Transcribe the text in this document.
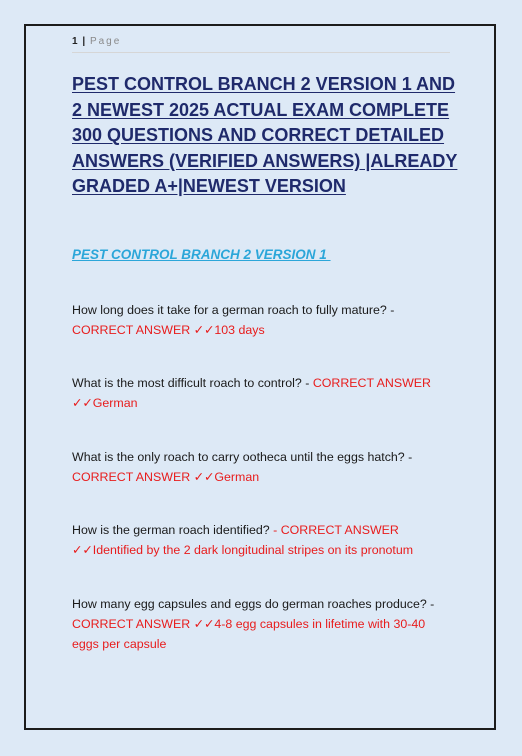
1 | Page
PEST CONTROL BRANCH 2 VERSION 1 AND 2 NEWEST 2025 ACTUAL EXAM COMPLETE 300 QUESTIONS AND CORRECT DETAILED ANSWERS (VERIFIED ANSWERS) |ALREADY GRADED A+|NEWEST VERSION
PEST CONTROL BRANCH 2 VERSION 1

How long does it take for a german roach to fully mature? -
CORRECT ANSWER ✓✓103 days

What is the most difficult roach to control? - CORRECT ANSWER ✓✓German

What is the only roach to carry ootheca until the eggs hatch? -
CORRECT ANSWER ✓✓German

How is the german roach identified? - CORRECT ANSWER ✓✓Identified by the 2 dark longitudinal stripes on its pronotum

How many egg capsules and eggs do german roaches produce? -
CORRECT ANSWER ✓✓4-8 egg capsules in lifetime with 30-40 eggs per capsule
